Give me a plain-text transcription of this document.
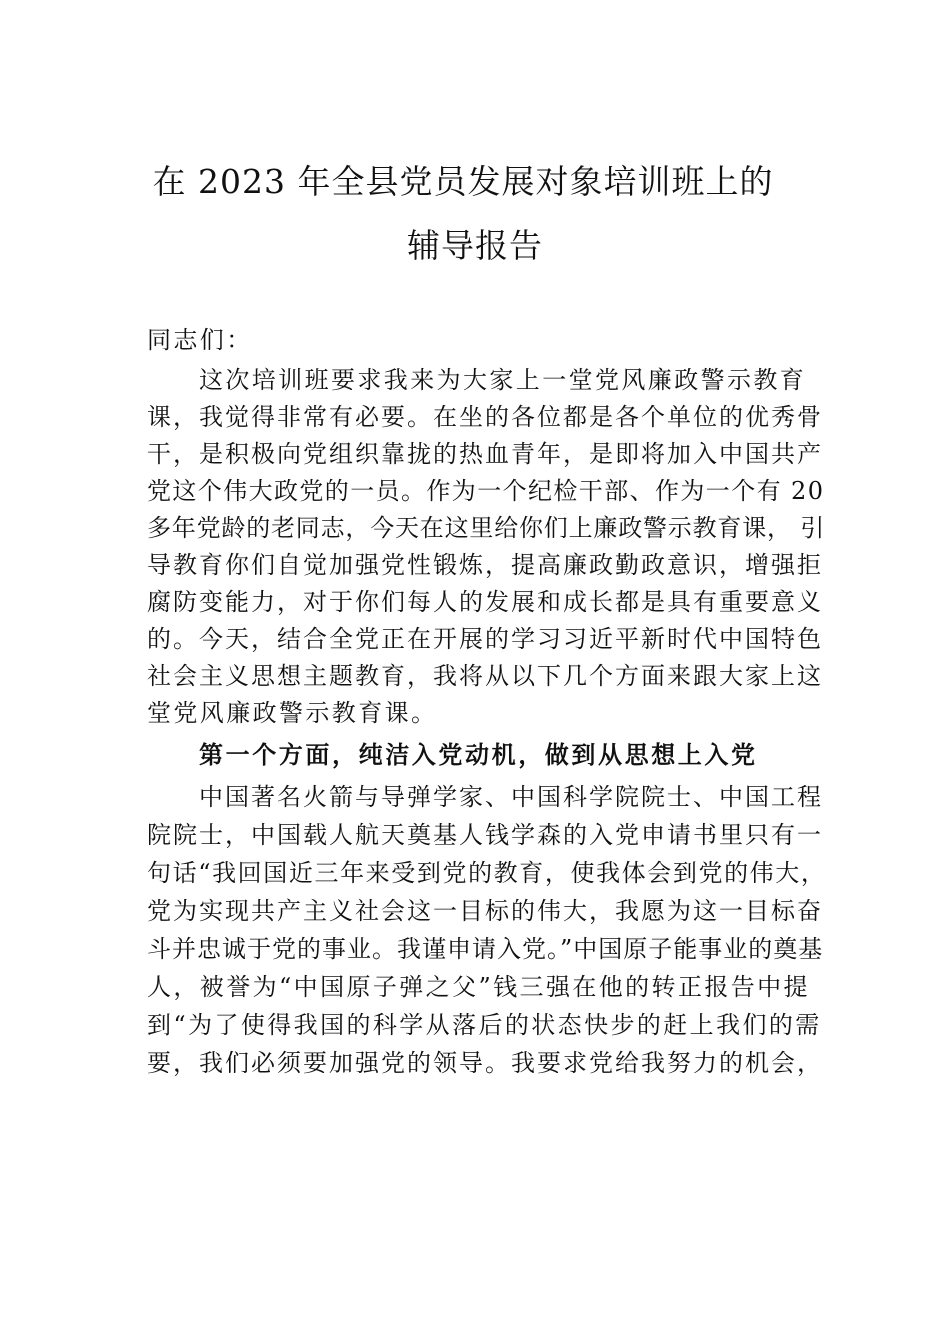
在 2023 年全县党员发展对象培训班上的
辅导报告
同志们：
这次培训班要求我来为大家上一堂党风廉政警示教育
课，我觉得非常有必要。在坐的各位都是各个单位的优秀骨
干，是积极向党组织靠拢的热血青年，是即将加入中国共产
党这个伟大政党的一员。作为一个纪检干部、作为一个有 20
多年党龄的老同志，今天在这里给你们上廉政警示教育课， 引
导教育你们自觉加强党性锻炼，提高廉政勤政意识，增强拒
腐防变能力，对于你们每人的发展和成长都是具有重要意义
的。今天，结合全党正在开展的学习习近平新时代中国特色
社会主义思想主题教育，我将从以下几个方面来跟大家上这
堂党风廉政警示教育课。
第一个方面，纯洁入党动机，做到从思想上入党
中国著名火箭与导弹学家、中国科学院院士、中国工程
院院士，中国载人航天奠基人钱学森的入党申请书里只有一
句话“我回国近三年来受到党的教育，使我体会到党的伟大，
党为实现共产主义社会这一目标的伟大，我愿为这一目标奋
斗并忠诚于党的事业。我谨申请入党。”中国原子能事业的奠基
人，被誉为“中国原子弹之父”钱三强在他的转正报告中提
到“为了使得我国的科学从落后的状态快步的赶上我们的需
要，我们必须要加强党的领导。我要求党给我努力的机会，
